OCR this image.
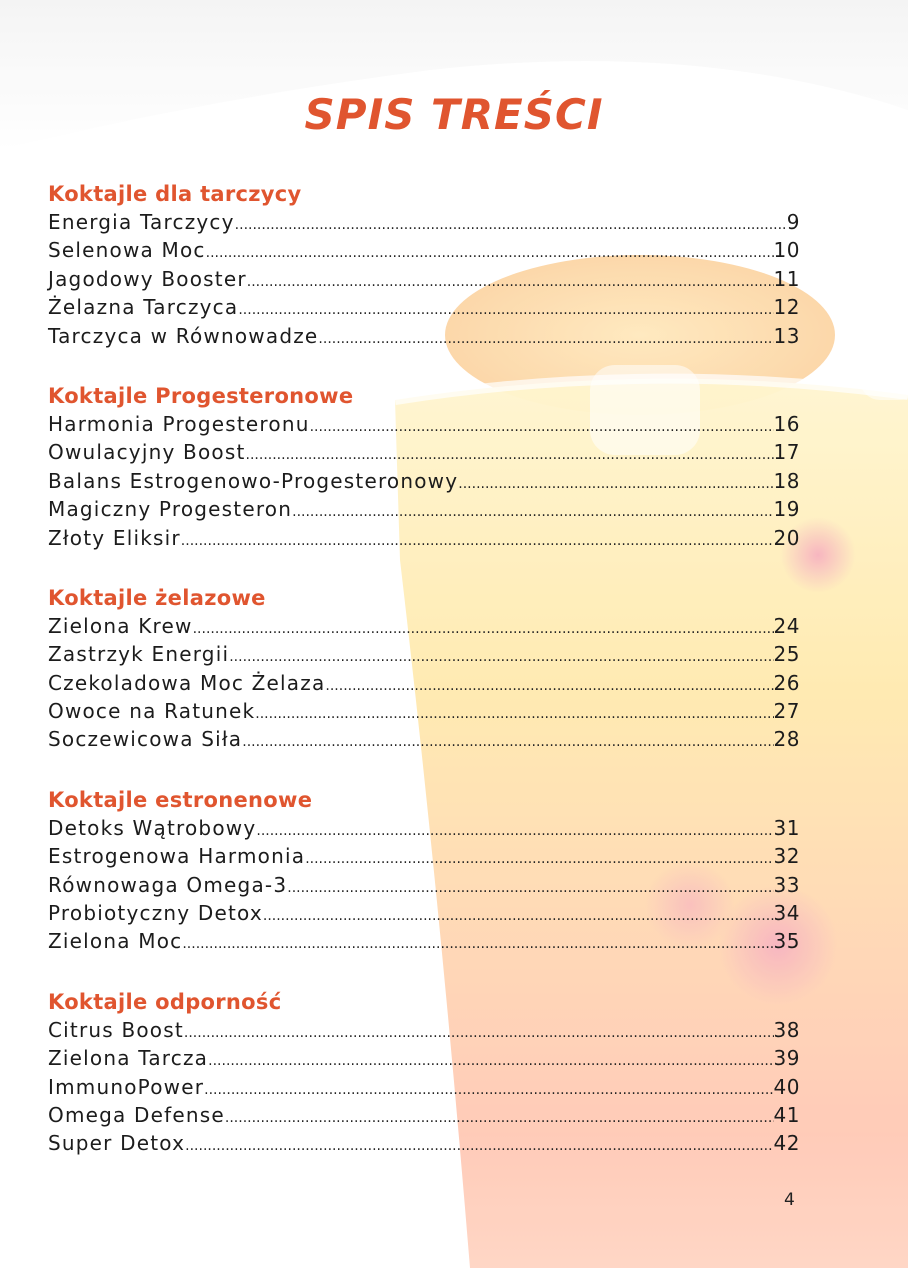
SPIS TREŚCI
Koktajle dla tarczycy
Energia Tarczycy .....	9
Selenowa Moc .....	10
Jagodowy Booster .....	11
Żelazna Tarczyca .....	12
Tarczyca w Równowadze .....	13
Koktajle Progesteronowe
Harmonia Progesteronu .....	16
Owulacyjny Boost .....	17
Balans Estrogenowo-Progesteronowy .....	18
Magiczny Progesteron .....	19
Złoty Eliksir .....	20
Koktajle żelazowe
Zielona Krew .....	24
Zastrzyk Energii .....	25
Czekoladowa Moc Żelaza .....	26
Owoce na Ratunek .....	27
Soczewicowa Siła .....	28
Koktajle estronenowe
Detoks Wątrobowy .....	31
Estrogenowa Harmonia .....	32
Równowaga Omega-3 .....	33
Probiotyczny Detox .....	34
Zielona Moc .....	35
Koktajle odporność
Citrus Boost .....	38
Zielona Tarcza .....	39
ImmunoPower .....	40
Omega Defense .....	41
Super Detox .....	42
4
